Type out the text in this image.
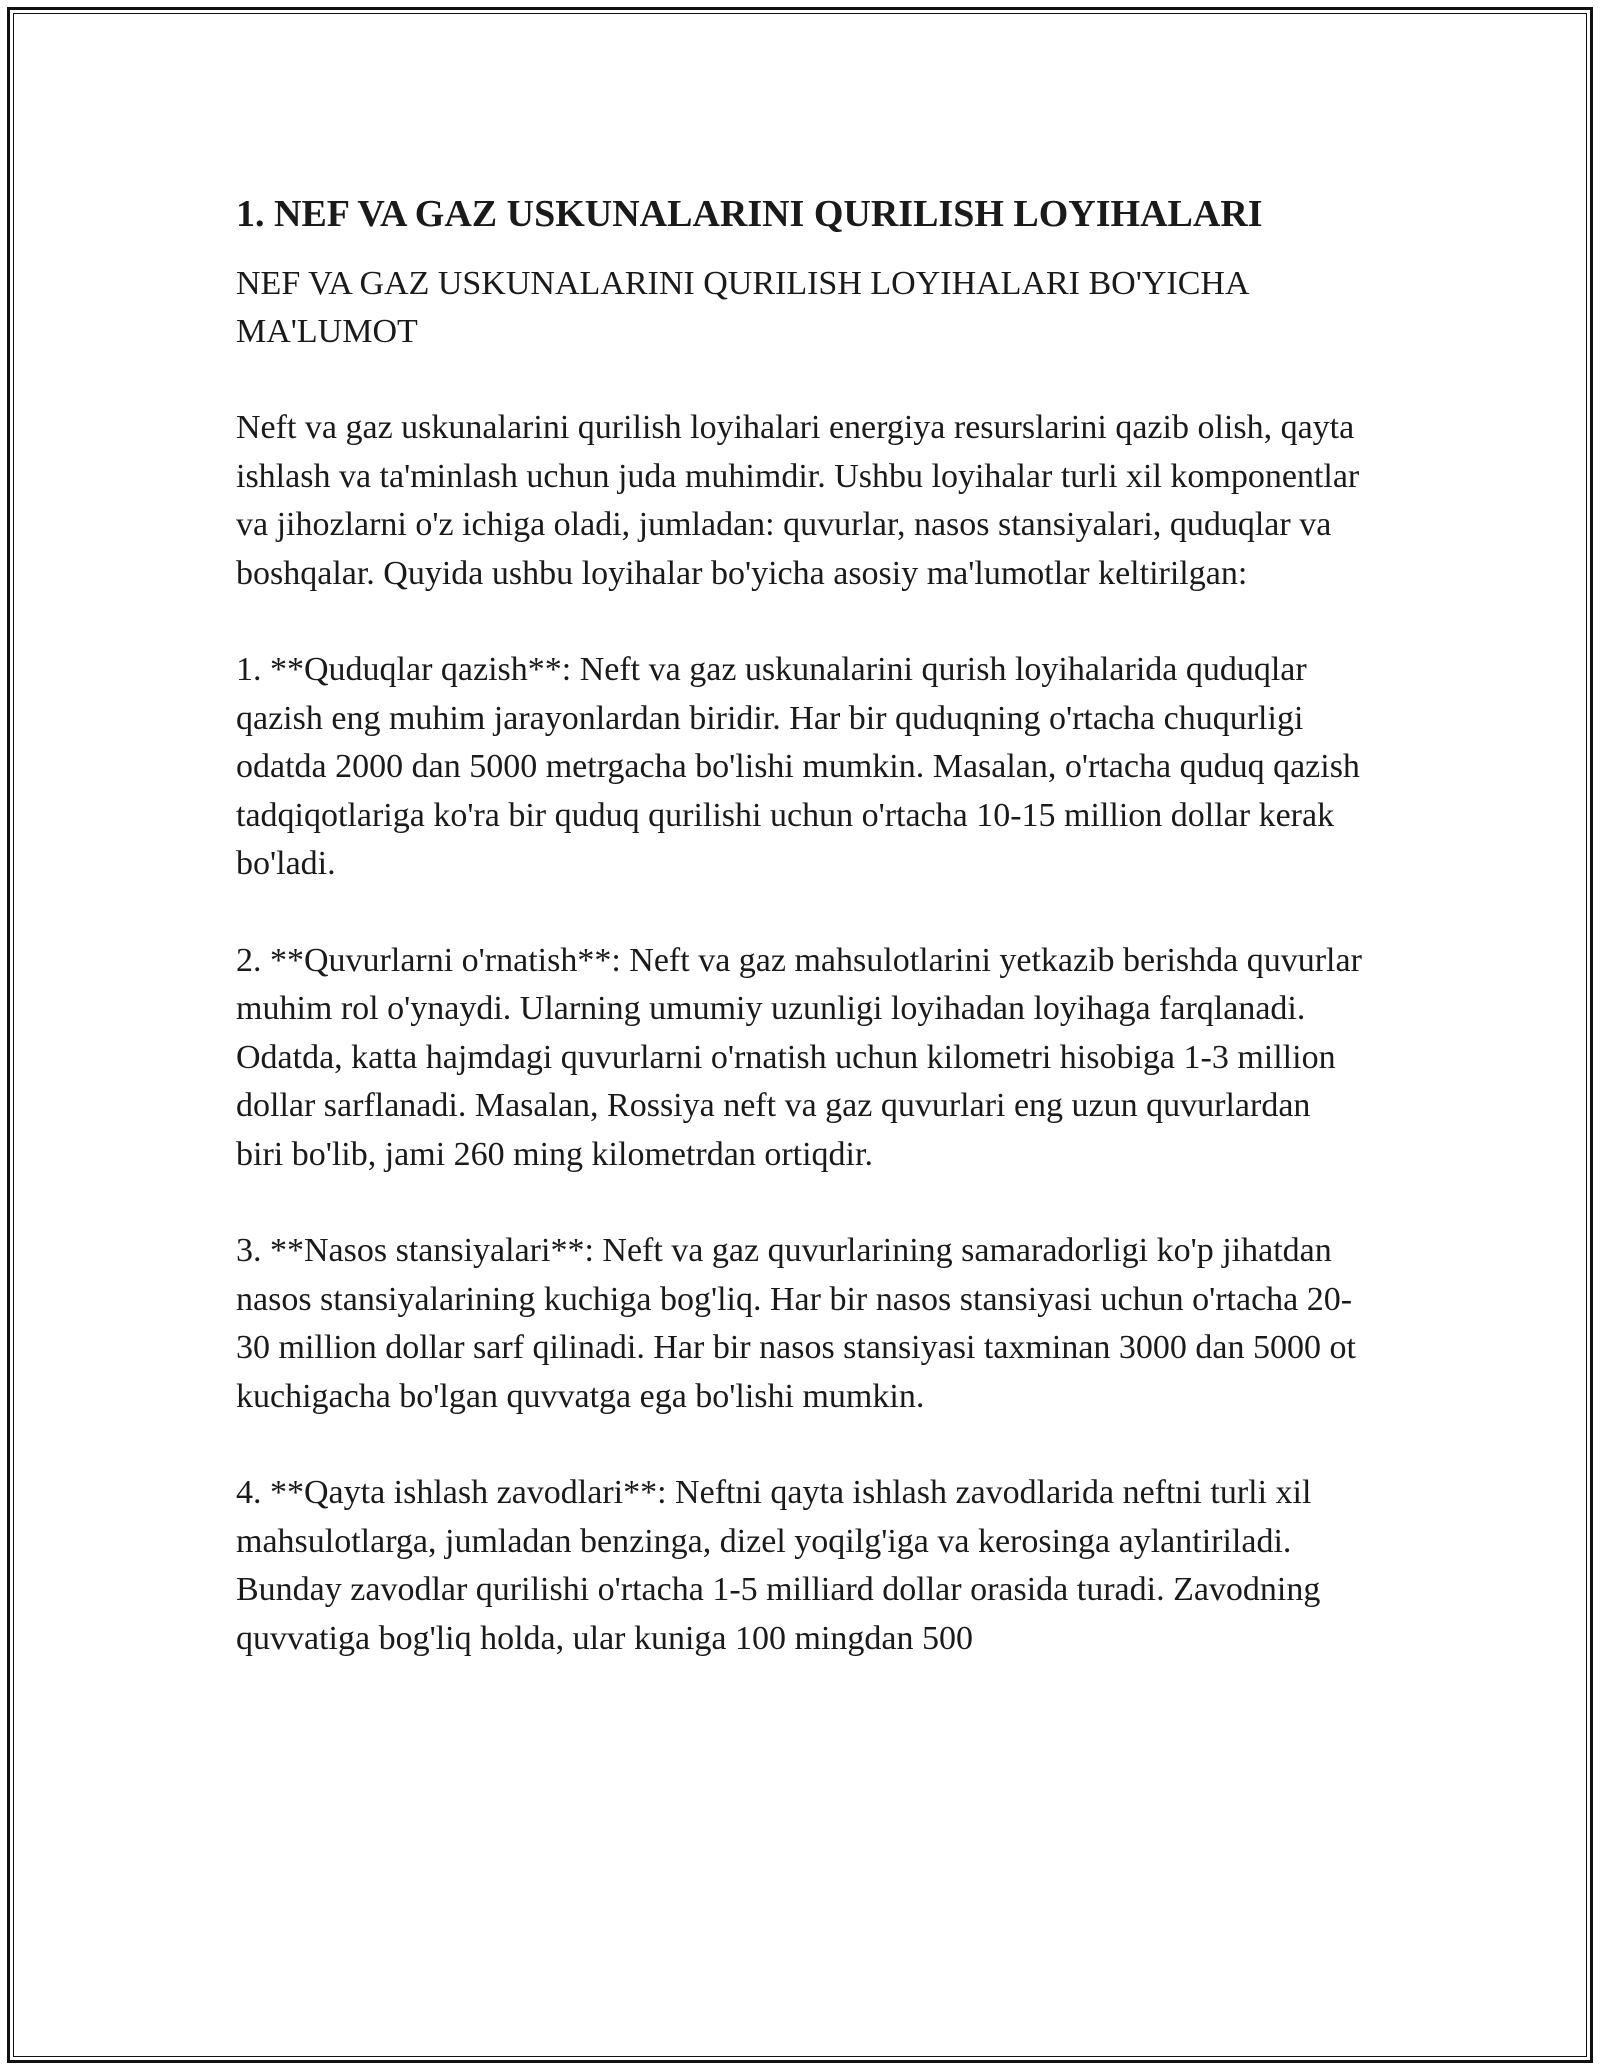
1. NEF VA GAZ USKUNALARINI QURILISH LOYIHALARI

NEF VA GAZ USKUNALARINI QURILISH LOYIHALARI BO'YICHA MA'LUMOT

Neft va gaz uskunalarini qurilish loyihalari energiya resurslarini qazib olish, qayta ishlash va ta'minlash uchun juda muhimdir. Ushbu loyihalar turli xil komponentlar va jihozlarni o'z ichiga oladi, jumladan: quvurlar, nasos stansiyalari, quduqlar va boshqalar. Quyida ushbu loyihalar bo'yicha asosiy ma'lumotlar keltirilgan:

1. **Quduqlar qazish**: Neft va gaz uskunalarini qurish loyihalarida quduqlar qazish eng muhim jarayonlardan biridir. Har bir quduqning o'rtacha chuqurligi odatda 2000 dan 5000 metrgacha bo'lishi mumkin. Masalan, o'rtacha quduq qazish tadqiqotlariga ko'ra bir quduq qurilishi uchun o'rtacha 10-15 million dollar kerak bo'ladi.

2. **Quvurlarni o'rnatish**: Neft va gaz mahsulotlarini yetkazib berishda quvurlar muhim rol o'ynaydi. Ularning umumiy uzunligi loyihadan loyihaga farqlanadi. Odatda, katta hajmdagi quvurlarni o'rnatish uchun kilometri hisobiga 1-3 million dollar sarflanadi. Masalan, Rossiya neft va gaz quvurlari eng uzun quvurlardan biri bo'lib, jami 260 ming kilometrdan ortiqdir.

3. **Nasos stansiyalari**: Neft va gaz quvurlarining samaradorligi ko'p jihatdan nasos stansiyalarining kuchiga bog'liq. Har bir nasos stansiyasi uchun o'rtacha 20-30 million dollar sarf qilinadi. Har bir nasos stansiyasi taxminan 3000 dan 5000 ot kuchigacha bo'lgan quvvatga ega bo'lishi mumkin.

4. **Qayta ishlash zavodlari**: Neftni qayta ishlash zavodlarida neftni turli xil mahsulotlarga, jumladan benzinga, dizel yoqilg'iga va kerosinga aylantiriladi. Bunday zavodlar qurilishi o'rtacha 1-5 milliard dollar orasida turadi. Zavodning quvvatiga bog'liq holda, ular kuniga 100 mingdan 500
